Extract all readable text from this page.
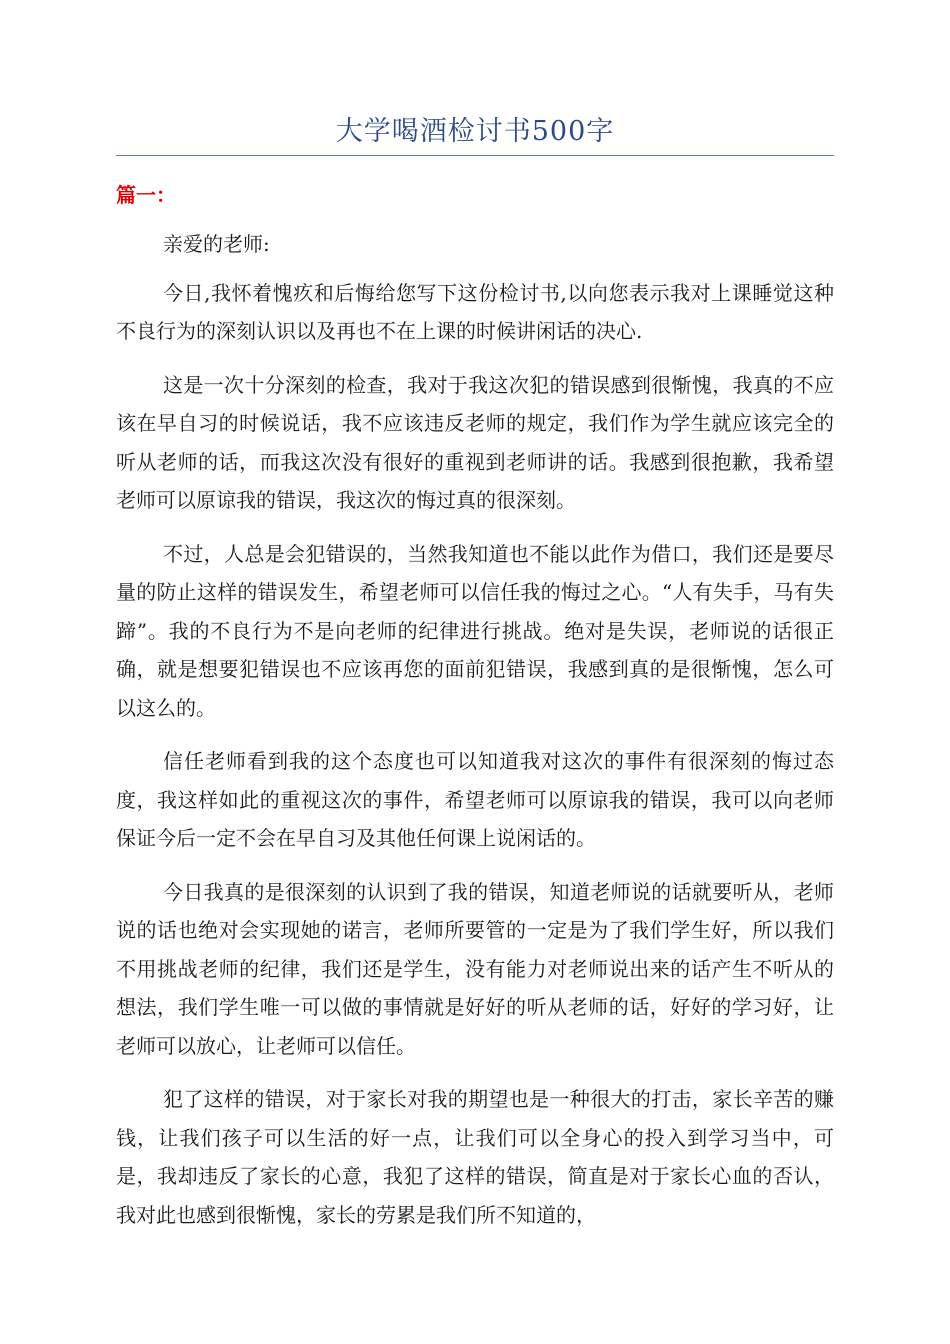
大学喝酒检讨书500字
篇一：

亲爱的老师:

今日,我怀着愧疚和后悔给您写下这份检讨书,以向您表示我对上课睡觉这种不良行为的深刻认识以及再也不在上课的时候讲闲话的决心.

这是一次十分深刻的检查，我对于我这次犯的错误感到很惭愧，我真的不应该在早自习的时候说话，我不应该违反老师的规定，我们作为学生就应该完全的听从老师的话，而我这次没有很好的重视到老师讲的话。我感到很抱歉，我希望老师可以原谅我的错误，我这次的悔过真的很深刻。

不过，人总是会犯错误的，当然我知道也不能以此作为借口，我们还是要尽量的防止这样的错误发生，希望老师可以信任我的悔过之心。“人有失手，马有失蹄”。我的不良行为不是向老师的纪律进行挑战。绝对是失误，老师说的话很正确，就是想要犯错误也不应该再您的面前犯错误，我感到真的是很惭愧，怎么可以这么的。

信任老师看到我的这个态度也可以知道我对这次的事件有很深刻的悔过态度，我这样如此的重视这次的事件，希望老师可以原谅我的错误，我可以向老师保证今后一定不会在早自习及其他任何课上说闲话的。

今日我真的是很深刻的认识到了我的错误，知道老师说的话就要听从，老师说的话也绝对会实现她的诺言，老师所要管的一定是为了我们学生好，所以我们不用挑战老师的纪律，我们还是学生，没有能力对老师说出来的话产生不听从的想法，我们学生唯一可以做的事情就是好好的听从老师的话，好好的学习好，让老师可以放心，让老师可以信任。

犯了这样的错误，对于家长对我的期望也是一种很大的打击，家长辛苦的赚钱，让我们孩子可以生活的好一点，让我们可以全身心的投入到学习当中，可是，我却违反了家长的心意，我犯了这样的错误，简直是对于家长心血的否认，我对此也感到很惭愧，家长的劳累是我们所不知道的，
